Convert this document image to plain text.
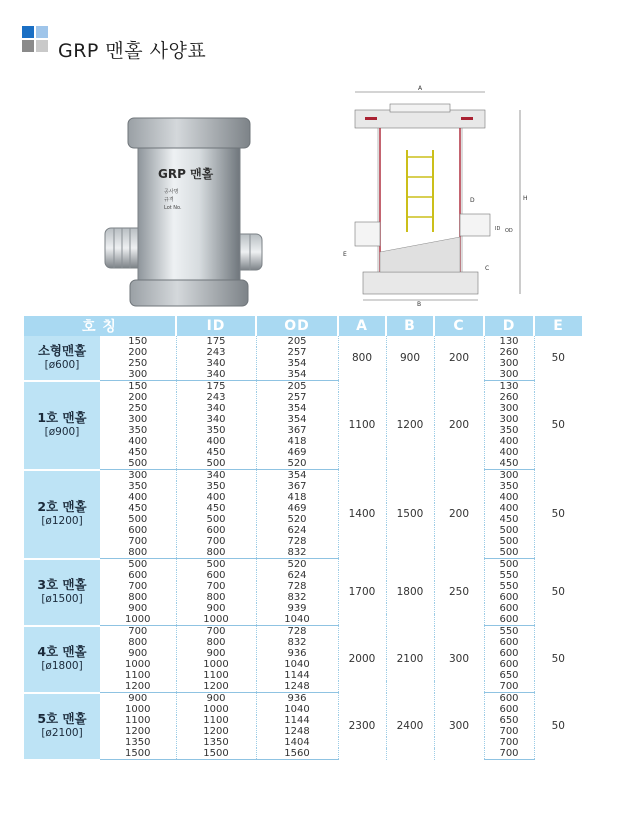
GRP 맨홀 사양표
GRP 맨홀
공사명
규격
Lot No.
A
H
B
C
D
E
ID OD
호 칭		ID	OD	A	B	C	D	E

소형맨홀
[ø600]	150	175	205	800	900	200	130	50
	200	243	257				260	
	250	340	354				300	
	300	340	354				300	

1호 맨홀
[ø900]	150	175	205	1100	1200	200	130	50
	200	243	257				260	
	250	340	354				300	
	300	340	354				300	
	350	350	367				350	
	400	400	418				400	
	450	450	469				400	
	500	500	520				450	

2호 맨홀
[ø1200]	300	340	354	1400	1500	200	300	50
	350	350	367				350	
	400	400	418				400	
	450	450	469				400	
	500	500	520				450	
	600	600	624				500	
	700	700	728				500	
	800	800	832				500	

3호 맨홀
[ø1500]	500	500	520	1700	1800	250	500	50
	600	600	624				550	
	700	700	728				550	
	800	800	832				600	
	900	900	939				600	
	1000	1000	1040				600	

4호 맨홀
[ø1800]	700	700	728	2000	2100	300	550	50
	800	800	832				600	
	900	900	936				600	
	1000	1000	1040				600	
	1100	1100	1144				650	
	1200	1200	1248				700	

5호 맨홀
[ø2100]	900	900	936	2300	2400	300	600	50
	1000	1000	1040				600	
	1100	1100	1144				650	
	1200	1200	1248				700	
	1350	1350	1404				700	
	1500	1500	1560				700	
